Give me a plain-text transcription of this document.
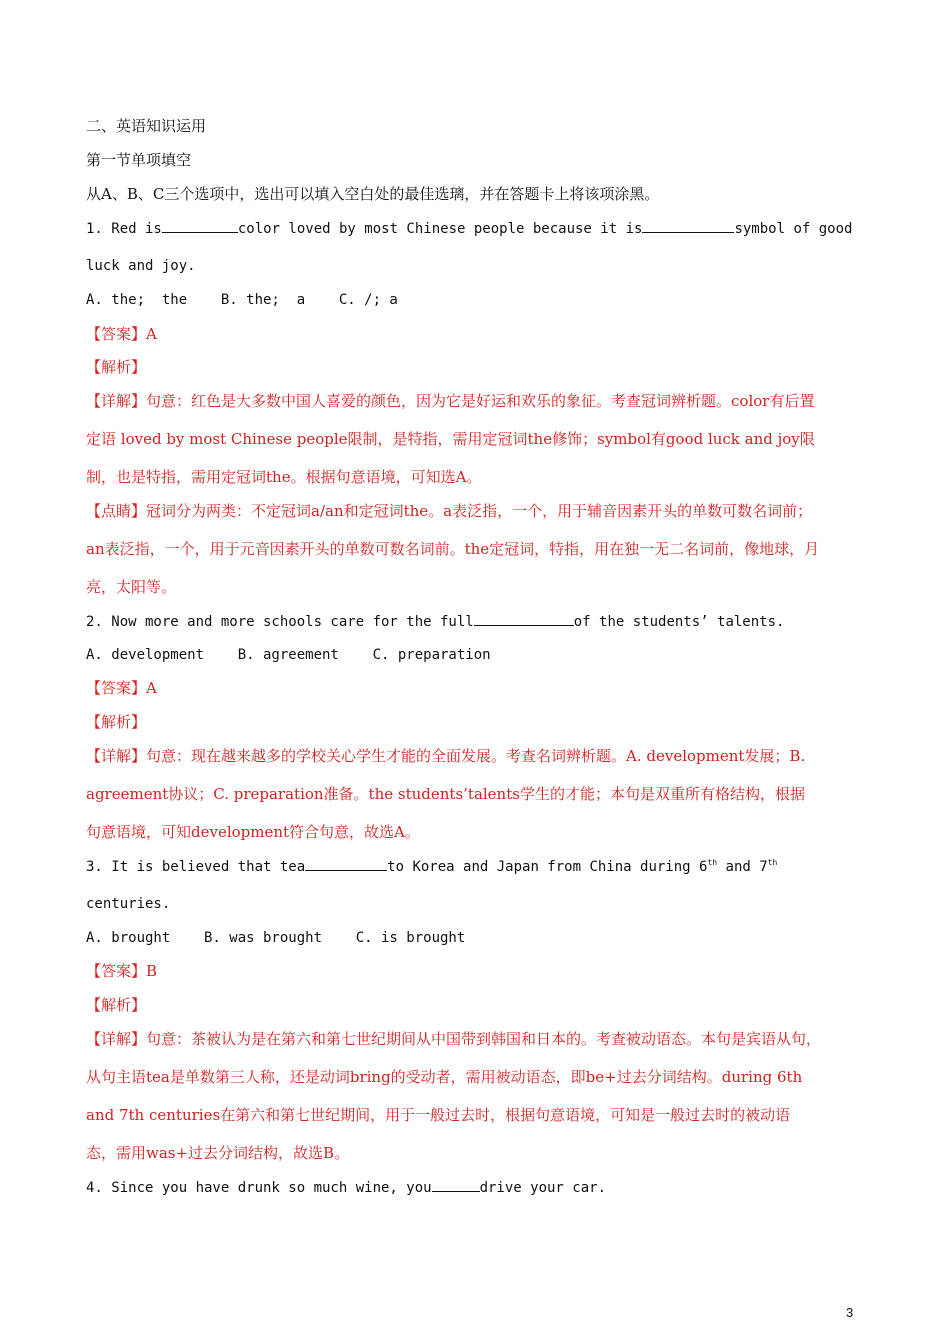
二、英语知识运用
第一节单项填空
从A、B、C三个选项中，选出可以填入空白处的最佳选璃，并在答题卡上将该项涂黑。
1. Red is	color loved by most Chinese people because it is	symbol of good
luck and joy.
A. the;  the    B. the;  a    C. /; a
【答案】A
【解析】
【详解】句意：红色是大多数中国人喜爱的颜色，因为它是好运和欢乐的象征。考查冠词辨析题。color有后置
定语 loved by most Chinese people限制，是特指，需用定冠词the修饰；symbol有good luck and joy限
制，也是特指，需用定冠词the。根据句意语境，可知选A。
【点睛】冠词分为两类：不定冠词a/an和定冠词the。a表泛指，一个，用于辅音因素开头的单数可数名词前；
an表泛指，一个，用于元音因素开头的单数可数名词前。the定冠词，特指，用在独一无二名词前，像地球，月
亮，太阳等。
2. Now more and more schools care for the full	of the students’ talents.
A. development    B. agreement    C. preparation
【答案】A
【解析】
【详解】句意：现在越来越多的学校关心学生才能的全面发展。考查名词辨析题。A. development发展；B.
agreement协议；C. preparation准备。the students’talents学生的才能；本句是双重所有格结构，根据
句意语境，可知development符合句意，故选A。
3. It is believed that tea	to Korea and Japan from China during 6th and 7th
centuries.
A. brought    B. was brought    C. is brought
【答案】B
【解析】
【详解】句意：茶被认为是在第六和第七世纪期间从中国带到韩国和日本的。考查被动语态。本句是宾语从句，
从句主语tea是单数第三人称，还是动词bring的受动者，需用被动语态，即be+过去分词结构。during 6th
and 7th centuries在第六和第七世纪期间，用于一般过去时，根据句意语境，可知是一般过去时的被动语
态，需用was+过去分词结构，故选B。
4. Since you have drunk so much wine, you	drive your car.
3
